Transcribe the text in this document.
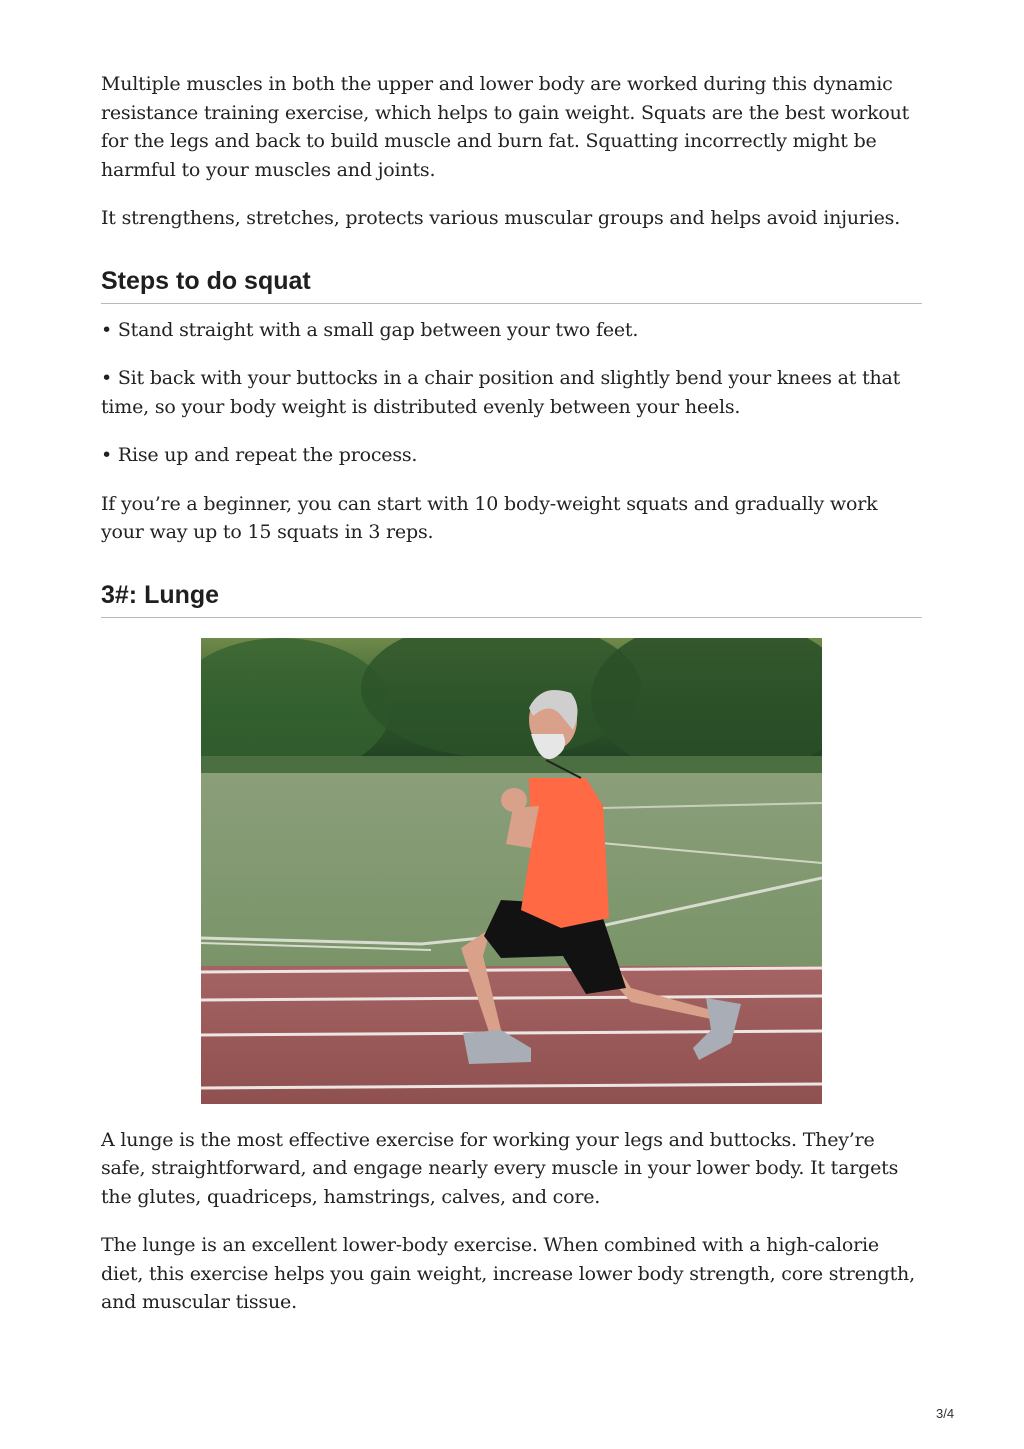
Multiple muscles in both the upper and lower body are worked during this dynamic resistance training exercise, which helps to gain weight. Squats are the best workout for the legs and back to build muscle and burn fat. Squatting incorrectly might be harmful to your muscles and joints.

It strengthens, stretches, protects various muscular groups and helps avoid injuries.

Steps to do squat

• Stand straight with a small gap between your two feet.

• Sit back with your buttocks in a chair position and slightly bend your knees at that time, so your body weight is distributed evenly between your heels.

• Rise up and repeat the process.

If you’re a beginner, you can start with 10 body-weight squats and gradually work your way up to 15 squats in 3 reps.

3#: Lunge

A lunge is the most effective exercise for working your legs and buttocks. They’re safe, straightforward, and engage nearly every muscle in your lower body. It targets the glutes, quadriceps, hamstrings, calves, and core.

The lunge is an excellent lower-body exercise. When combined with a high-calorie diet, this exercise helps you gain weight, increase lower body strength, core strength, and muscular tissue.

3/4
